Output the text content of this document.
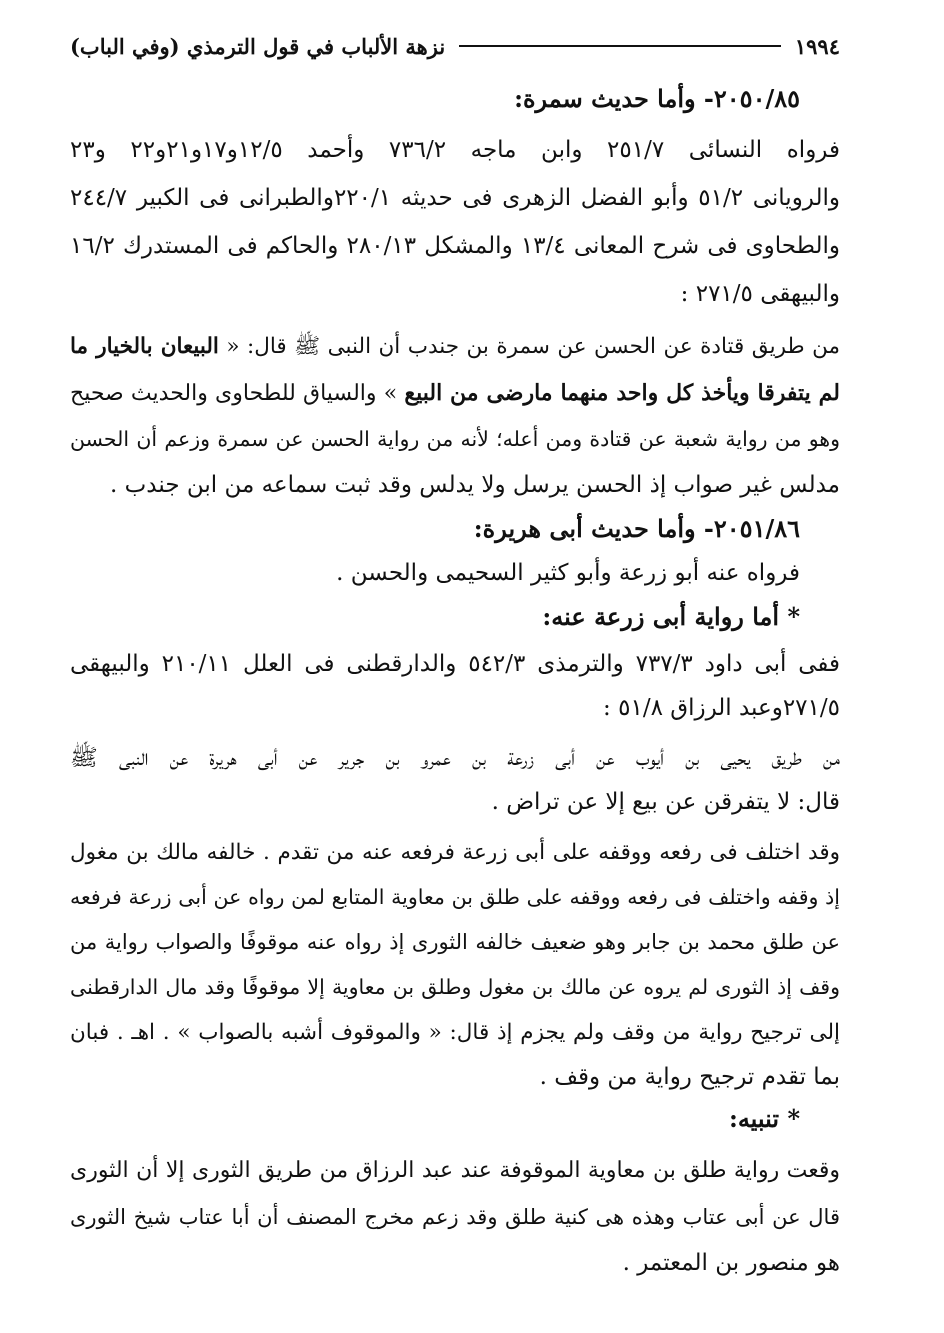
١٩٩٤
نزهة الألباب في قول الترمذي (وفي الباب)
٢٠٥٠/٨٥- وأما حديث سمرة:
فرواه النسائى ٢٥١/٧ وابن ماجه ٧٣٦/٢ وأحمد ١٢/٥و١٧و٢١و٢٢ و٢٣
والرويانى ٥١/٢ وأبو الفضل الزهرى فى حديثه ٢٢٠/١والطبرانى فى الكبير ٢٤٤/٧
والطحاوى فى شرح المعانى ١٣/٤ والمشكل ٢٨٠/١٣ والحاكم فى المستدرك ١٦/٢
والبيهقى ٢٧١/٥ :
من طريق قتادة عن الحسن عن سمرة بن جندب أن النبى ﷺ قال: « البيعان بالخيار ما
لم يتفرقا ويأخذ كل واحد منهما مارضى من البيع » والسياق للطحاوى والحديث صحيح
وهو من رواية شعبة عن قتادة ومن أعله؛ لأنه من رواية الحسن عن سمرة وزعم أن الحسن
مدلس غير صواب إذ الحسن يرسل ولا يدلس وقد ثبت سماعه من ابن جندب .
٢٠٥١/٨٦- وأما حديث أبى هريرة:
فرواه عنه أبو زرعة وأبو كثير السحيمى والحسن .
* أما رواية أبى زرعة عنه:
ففى أبى داود ٧٣٧/٣ والترمذى ٥٤٢/٣ والدارقطنى فى العلل ٢١٠/١١ والبيهقى
٢٧١/٥وعبد الرزاق ٥١/٨ :
من طريق يحيى بن أيوب عن أبى زرعة بن عمرو بن جرير عن أبى هريرة عن النبى ﷺ
قال: لا يتفرقن عن بيع إلا عن تراض .
وقد اختلف فى رفعه ووقفه على أبى زرعة فرفعه عنه من تقدم . خالفه مالك بن مغول
إذ وقفه واختلف فى رفعه ووقفه على طلق بن معاوية المتابع لمن رواه عن أبى زرعة فرفعه
عن طلق محمد بن جابر وهو ضعيف خالفه الثورى إذ رواه عنه موقوفًا والصواب رواية من
وقف إذ الثورى لم يروه عن مالك بن مغول وطلق بن معاوية إلا موقوفًا وقد مال الدارقطنى
إلى ترجيح رواية من وقف ولم يجزم إذ قال: « والموقوف أشبه بالصواب » . اهـ . فبان
بما تقدم ترجيح رواية من وقف .
* تنبيه:
وقعت رواية طلق بن معاوية الموقوفة عند عبد الرزاق من طريق الثورى إلا أن الثورى
قال عن أبى عتاب وهذه هى كنية طلق وقد زعم مخرج المصنف أن أبا عتاب شيخ الثورى
هو منصور بن المعتمر .
